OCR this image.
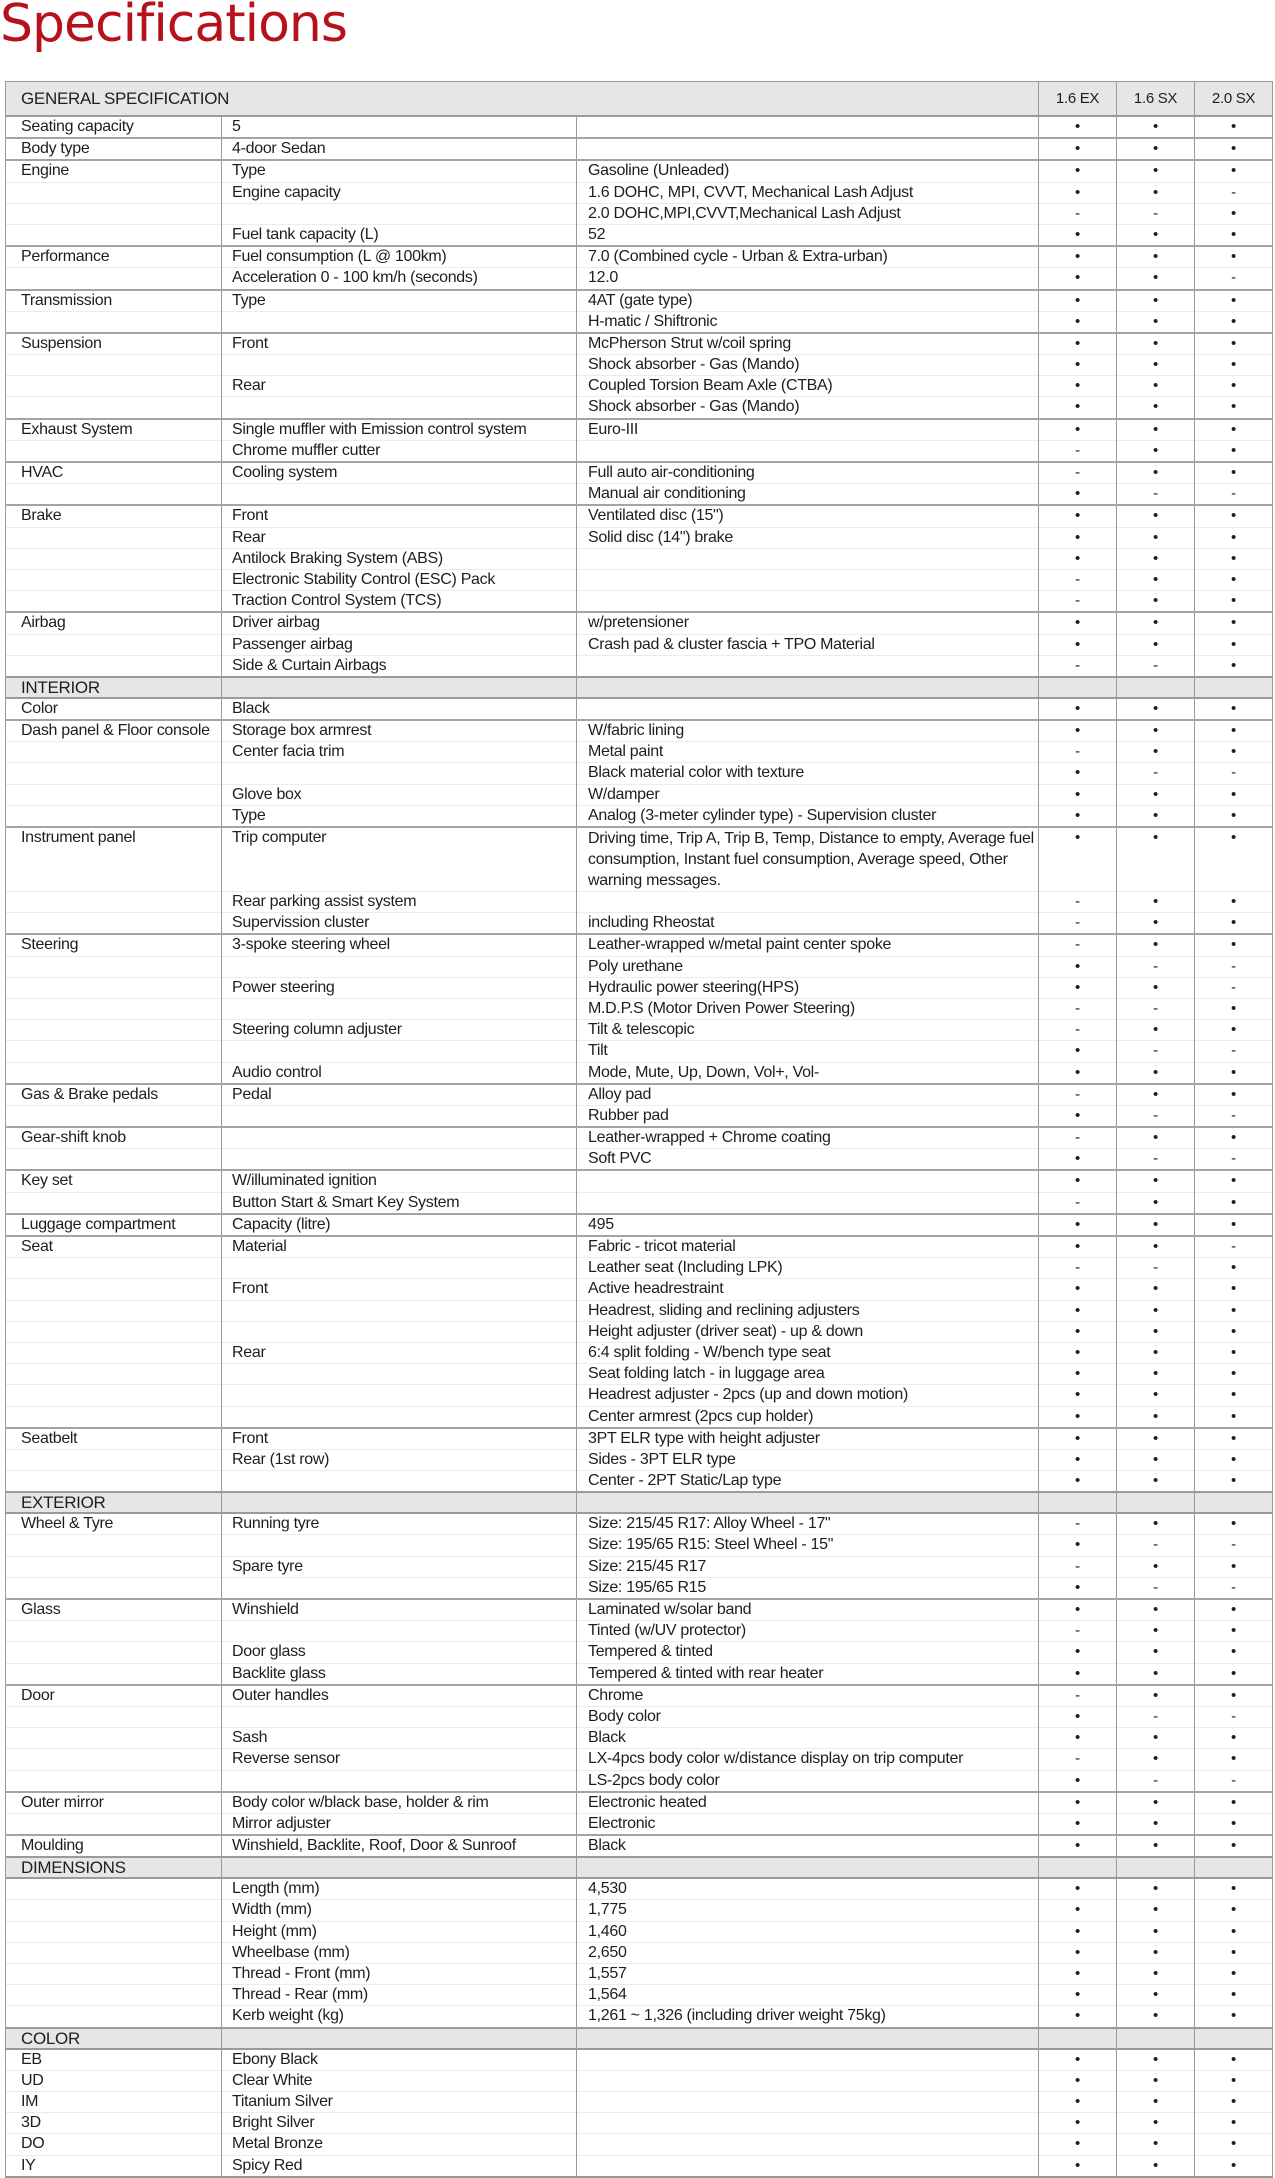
Specifications
GENERAL SPECIFICATION			1.6 EX	1.6 SX	2.0 SX
Seating capacity	5		•	•	•
Body type	4-door Sedan		•	•	•
Engine	Type	Gasoline (Unleaded)	•	•	•
	Engine capacity	1.6 DOHC, MPI, CVVT, Mechanical Lash Adjust	•	•	-
		2.0 DOHC,MPI,CVVT,Mechanical Lash Adjust	-	-	•
	Fuel tank capacity (L)	52	•	•	•
Performance	Fuel consumption (L @ 100km)	7.0 (Combined cycle - Urban & Extra-urban)	•	•	•
	Acceleration 0 - 100 km/h (seconds)	12.0	•	•	-
Transmission	Type	4AT (gate type)	•	•	•
		H-matic / Shiftronic	•	•	•
Suspension	Front	McPherson Strut w/coil spring	•	•	•
		Shock absorber - Gas (Mando)	•	•	•
	Rear	Coupled Torsion Beam Axle (CTBA)	•	•	•
		Shock absorber - Gas (Mando)	•	•	•
Exhaust System	Single muffler with Emission control system	Euro-III	•	•	•
	Chrome muffler cutter		-	•	•
HVAC	Cooling system	Full auto air-conditioning	-	•	•
		Manual air conditioning	•	-	-
Brake	Front	Ventilated disc (15")	•	•	•
	Rear	Solid disc (14") brake	•	•	•
	Antilock Braking System (ABS)		•	•	•
	Electronic Stability Control (ESC) Pack		-	•	•
	Traction Control System (TCS)		-	•	•
Airbag	Driver airbag	w/pretensioner	•	•	•
	Passenger airbag	Crash pad & cluster fascia + TPO Material	•	•	•
	Side & Curtain Airbags		-	-	•
INTERIOR					
Color	Black		•	•	•
Dash panel & Floor console	Storage box armrest	W/fabric lining	•	•	•
	Center facia trim	Metal paint	-	•	•
		Black material color with texture	•	-	-
	Glove box	W/damper	•	•	•
	Type	Analog (3-meter cylinder type) - Supervision cluster	•	•	•
Instrument panel	Trip computer	Driving time, Trip A, Trip B, Temp, Distance to empty, Average fuel consumption, Instant fuel consumption, Average speed, Other warning messages.	•	•	•
	Rear parking assist system		-	•	•
	Supervission cluster	including Rheostat	-	•	•
Steering	3-spoke steering wheel	Leather-wrapped w/metal paint center spoke	-	•	•
		Poly urethane	•	-	-
	Power steering	Hydraulic power steering(HPS)	•	•	-
		M.D.P.S (Motor Driven Power Steering)	-	-	•
	Steering column adjuster	Tilt & telescopic	-	•	•
		Tilt	•	-	-
	Audio control	Mode, Mute, Up, Down, Vol+, Vol-	•	•	•
Gas & Brake pedals	Pedal	Alloy pad	-	•	•
		Rubber pad	•	-	-
Gear-shift knob		Leather-wrapped + Chrome coating	-	•	•
		Soft PVC	•	-	-
Key set	W/illuminated ignition		•	•	•
	Button Start & Smart Key System		-	•	•
Luggage compartment	Capacity (litre)	495	•	•	•
Seat	Material	Fabric - tricot material	•	•	-
		Leather seat (Including LPK)	-	-	•
	Front	Active headrestraint	•	•	•
		Headrest, sliding and reclining adjusters	•	•	•
		Height adjuster (driver seat) - up & down	•	•	•
	Rear	6:4 split folding - W/bench type seat	•	•	•
		Seat folding latch - in luggage area	•	•	•
		Headrest adjuster - 2pcs (up and down motion)	•	•	•
		Center armrest (2pcs cup holder)	•	•	•
Seatbelt	Front	3PT ELR type with height adjuster	•	•	•
	Rear (1st row)	Sides - 3PT ELR type	•	•	•
		Center - 2PT Static/Lap type	•	•	•
EXTERIOR					
Wheel & Tyre	Running tyre	Size: 215/45 R17: Alloy Wheel - 17"	-	•	•
		Size: 195/65 R15: Steel Wheel - 15"	•	-	-
	Spare tyre	Size: 215/45 R17	-	•	•
		Size: 195/65 R15	•	-	-
Glass	Winshield	Laminated w/solar band	•	•	•
		Tinted (w/UV protector)	-	•	•
	Door glass	Tempered & tinted	•	•	•
	Backlite glass	Tempered & tinted with rear heater	•	•	•
Door	Outer handles	Chrome	-	•	•
		Body color	•	-	-
	Sash	Black	•	•	•
	Reverse sensor	LX-4pcs body color w/distance display on trip computer	-	•	•
		LS-2pcs body color	•	-	-
Outer mirror	Body color w/black base, holder & rim	Electronic heated	•	•	•
	Mirror adjuster	Electronic	•	•	•
Moulding	Winshield, Backlite, Roof, Door & Sunroof	Black	•	•	•
DIMENSIONS					
	Length (mm)	4,530	•	•	•
	Width (mm)	1,775	•	•	•
	Height (mm)	1,460	•	•	•
	Wheelbase (mm)	2,650	•	•	•
	Thread - Front (mm)	1,557	•	•	•
	Thread - Rear (mm)	1,564	•	•	•
	Kerb weight (kg)	1,261 ~ 1,326 (including driver weight 75kg)	•	•	•
COLOR					
EB	Ebony Black		•	•	•
UD	Clear White		•	•	•
IM	Titanium Silver		•	•	•
3D	Bright Silver		•	•	•
DO	Metal Bronze		•	•	•
IY	Spicy Red		•	•	•
